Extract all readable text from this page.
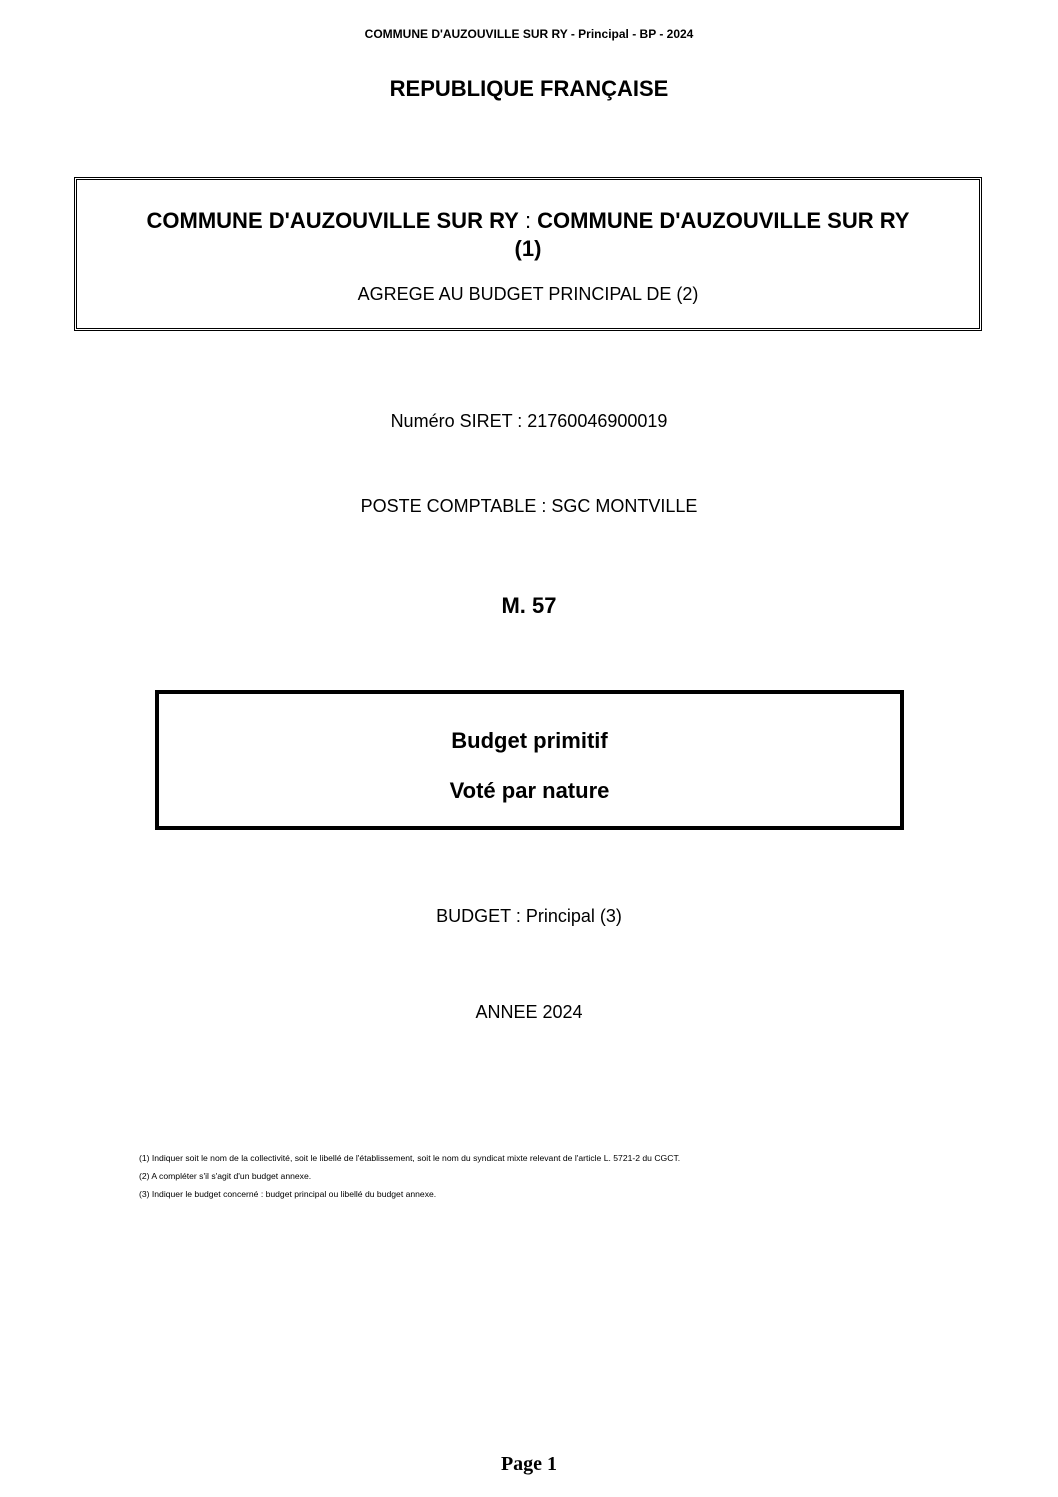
COMMUNE D'AUZOUVILLE SUR RY - Principal - BP - 2024
REPUBLIQUE FRANÇAISE
COMMUNE D'AUZOUVILLE SUR RY : COMMUNE D'AUZOUVILLE SUR RY
(1)
AGREGE AU BUDGET PRINCIPAL DE (2)
Numéro SIRET : 21760046900019
POSTE COMPTABLE : SGC MONTVILLE
M. 57
Budget primitif
Voté par nature
BUDGET : Principal (3)
ANNEE 2024
(1) Indiquer soit le nom de la collectivité, soit le libellé de l'établissement, soit le nom du syndicat mixte relevant de l'article L. 5721-2 du CGCT.
(2) A compléter s'il s'agit d'un budget annexe.
(3) Indiquer le budget concerné : budget principal ou libellé du budget annexe.
Page 1
